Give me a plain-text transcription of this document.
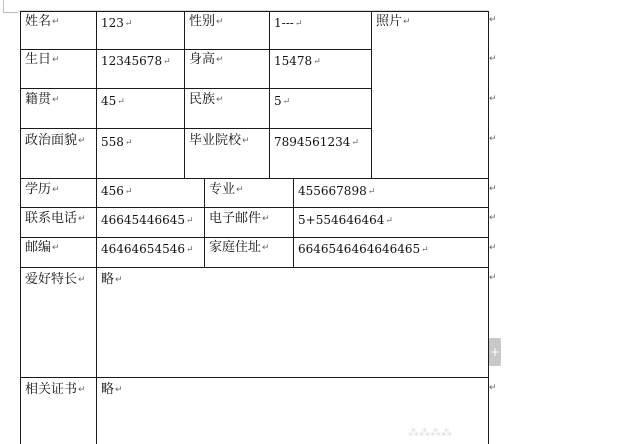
姓名↵	123↵	性别↵	1---↵	照片↵
生日↵	12345678↵ 身高↵	15478↵
籍贯↵	45↵	民族↵	5↵
政治面貌↵ 558↵	毕业院校↵ 7894561234↵
学历↵	456↵	专业↵	455667898↵
联系电话↵ 46645446645↵ 电子邮件↵ 5+554646464↵
邮编↵	46464654546↵ 家庭住址↵ 6646546464646465↵
爱好特长↵ 略↵
相关证书↵ 略↵
↵
↵
↵
↵
↵
↵
↵
↵
↵
+
⁂⁂⁂⁂
